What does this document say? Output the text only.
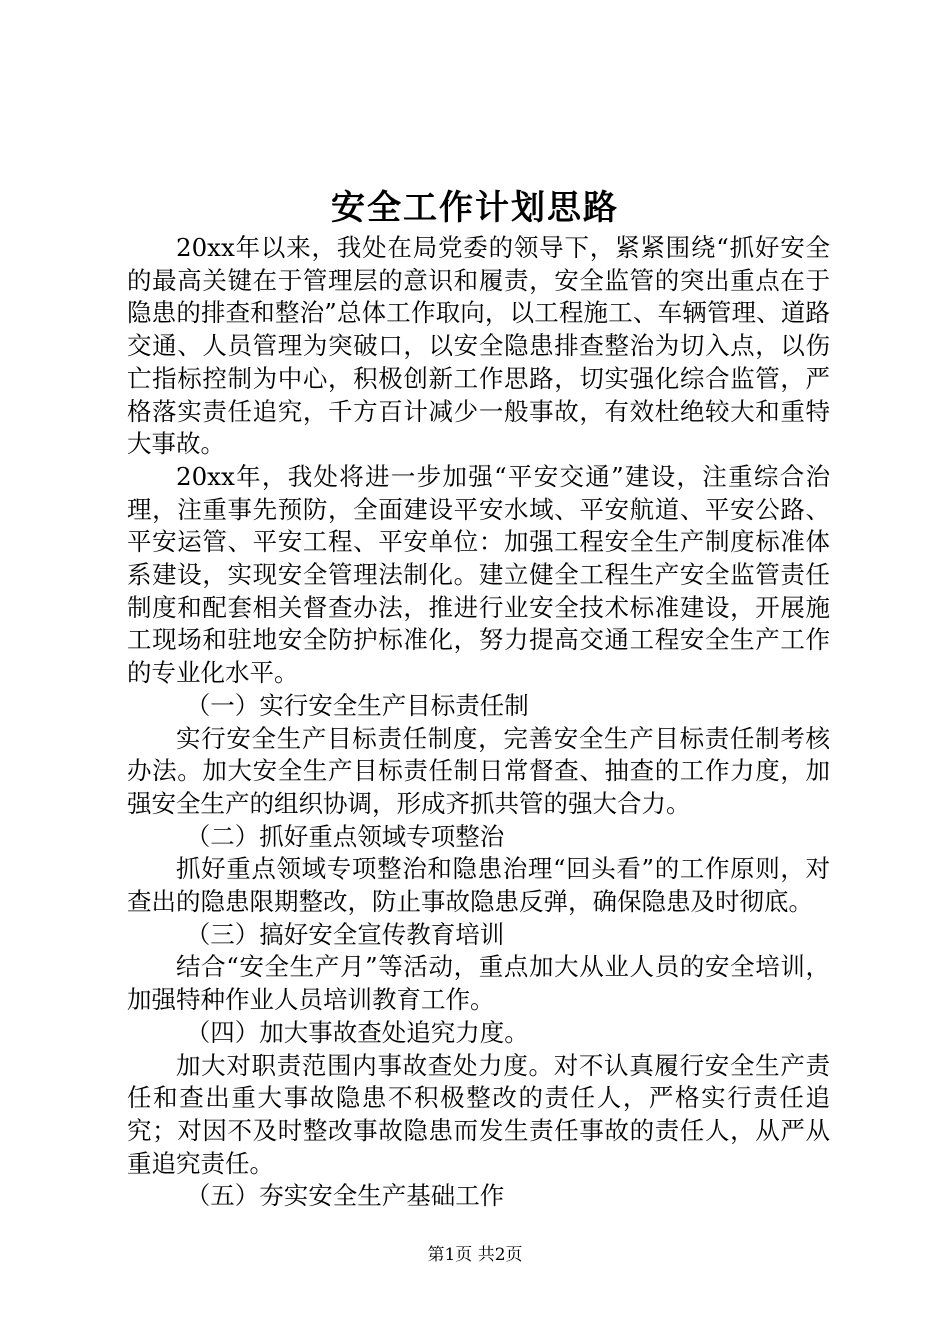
安全工作计划思路

20xx年以来，我处在局党委的领导下，紧紧围绕“抓好安全的最高关键在于管理层的意识和履责，安全监管的突出重点在于隐患的排查和整治”总体工作取向，以工程施工、车辆管理、道路交通、人员管理为突破口，以安全隐患排查整治为切入点，以伤亡指标控制为中心，积极创新工作思路，切实强化综合监管，严格落实责任追究，千方百计减少一般事故，有效杜绝较大和重特大事故。

20xx年，我处将进一步加强“平安交通”建设，注重综合治理，注重事先预防，全面建设平安水域、平安航道、平安公路、平安运管、平安工程、平安单位：加强工程安全生产制度标准体系建设，实现安全管理法制化。建立健全工程生产安全监管责任制度和配套相关督查办法，推进行业安全技术标准建设，开展施工现场和驻地安全防护标准化，努力提高交通工程安全生产工作的专业化水平。

（一）实行安全生产目标责任制

实行安全生产目标责任制度，完善安全生产目标责任制考核办法。加大安全生产目标责任制日常督查、抽查的工作力度，加强安全生产的组织协调，形成齐抓共管的强大合力。

（二）抓好重点领域专项整治

抓好重点领域专项整治和隐患治理“回头看”的工作原则，对查出的隐患限期整改，防止事故隐患反弹，确保隐患及时彻底。

（三）搞好安全宣传教育培训

结合“安全生产月”等活动，重点加大从业人员的安全培训，加强特种作业人员培训教育工作。

（四）加大事故查处追究力度。

加大对职责范围内事故查处力度。对不认真履行安全生产责任和查出重大事故隐患不积极整改的责任人，严格实行责任追究；对因不及时整改事故隐患而发生责任事故的责任人，从严从重追究责任。

（五）夯实安全生产基础工作

第1页 共2页
